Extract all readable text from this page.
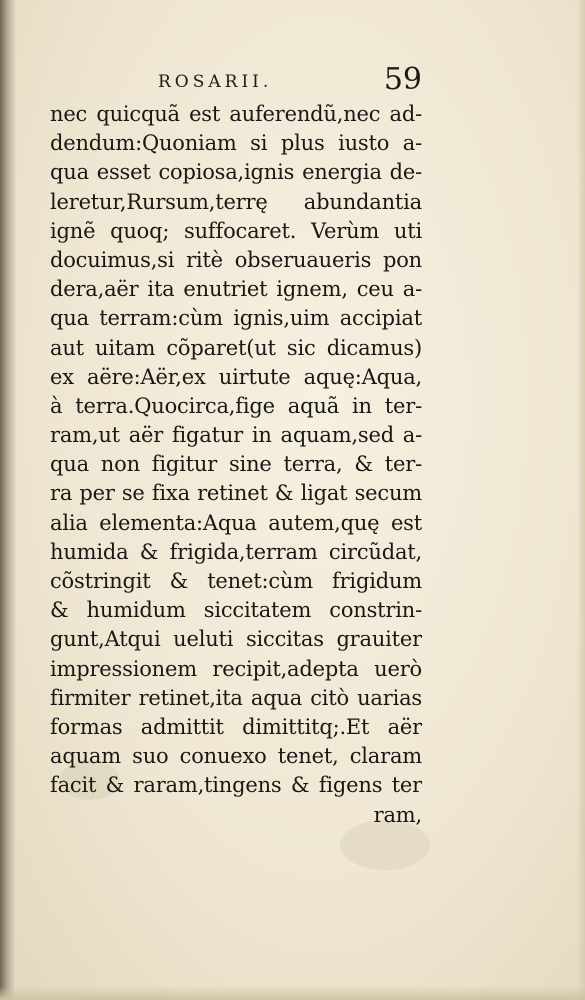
ROSARII.	59
nec quicquã est auferendũ,nec ad-
dendum:Quoniam si plus iusto a-
qua esset copiosa,ignis energia de-
leretur,Rursum,terrę abundantia
ignẽ quoq; suffocaret. Verùm uti
docuimus,si ritè obseruaueris pon
dera,aër ita enutriet ignem, ceu a-
qua terram:cùm ignis,uim accipiat
aut uitam cõparet(ut sic dicamus)
ex aëre:Aër,ex uirtute aquę:Aqua,
à terra.Quocirca,fige aquã in ter-
ram,ut aër figatur in aquam,sed a-
qua non figitur sine terra, & ter-
ra per se fixa retinet & ligat secum
alia elementa:Aqua autem,quę est
humida & frigida,terram circũdat,
cõstringit & tenet:cùm frigidum
& humidum siccitatem constrin-
gunt,Atqui ueluti siccitas grauiter
impressionem recipit,adepta uerò
firmiter retinet,ita aqua citò uarias
formas admittit dimittitq;.Et aër
aquam suo conuexo tenet, claram
facit & raram,tingens & figens ter
ram,
